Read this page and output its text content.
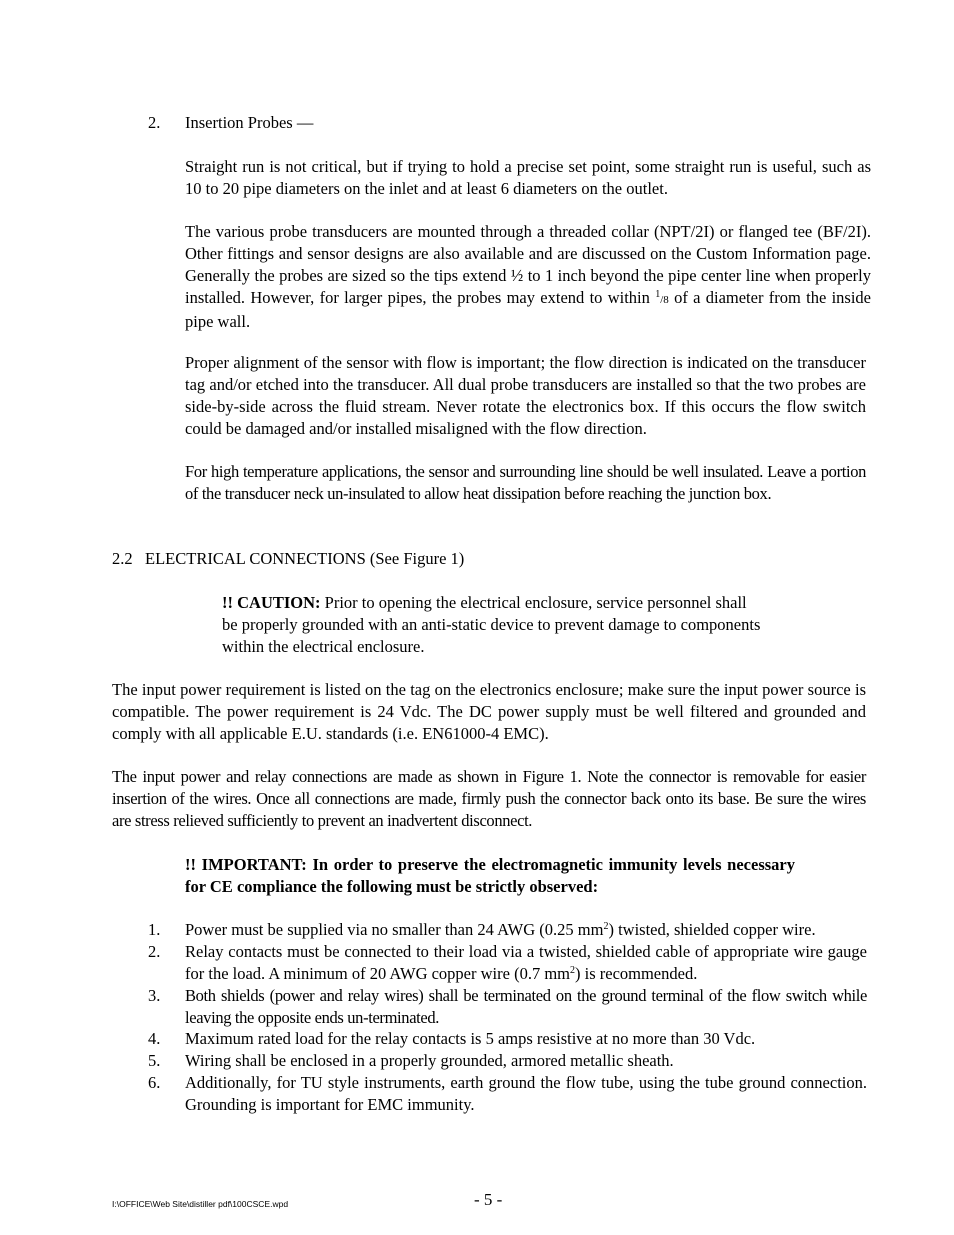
2. Insertion Probes —

Straight run is not critical, but if trying to hold a precise set point, some straight run is useful, such as 10 to 20 pipe diameters on the inlet and at least 6 diameters on the outlet.

The various probe transducers are mounted through a threaded collar (NPT/2I) or flanged tee (BF/2I). Other fittings and sensor designs are also available and are discussed on the Custom Information page. Generally the probes are sized so the tips extend ½ to 1 inch beyond the pipe center line when properly installed. However, for larger pipes, the probes may extend to within $^1$/8 of a diameter from the inside pipe wall.

Proper alignment of the sensor with flow is important; the flow direction is indicated on the transducer tag and/or etched into the transducer. All dual probe transducers are installed so that the two probes are side-by-side across the fluid stream. Never rotate the electronics box. If this occurs the flow switch could be damaged and/or installed misaligned with the flow direction.

For high temperature applications, the sensor and surrounding line should be well insulated. Leave a portion of the transducer neck un-insulated to allow heat dissipation before reaching the junction box.

2.2   ELECTRICAL CONNECTIONS (See Figure 1)

!! CAUTION: Prior to opening the electrical enclosure, service personnel shall be properly grounded with an anti-static device to prevent damage to components within the electrical enclosure.

The input power requirement is listed on the tag on the electronics enclosure; make sure the input power source is compatible. The power requirement is 24 Vdc. The DC power supply must be well filtered and grounded and comply with all applicable E.U. standards (i.e. EN61000-4 EMC).

The input power and relay connections are made as shown in Figure 1. Note the connector is removable for easier insertion of the wires. Once all connections are made, firmly push the connector back onto its base. Be sure the wires are stress relieved sufficiently to prevent an inadvertent disconnect.

!! IMPORTANT: In order to preserve the electromagnetic immunity levels necessary for CE compliance the following must be strictly observed:

1.	Power must be supplied via no smaller than 24 AWG (0.25 $mm^2$) twisted, shielded copper wire.
2.	Relay contacts must be connected to their load via a twisted, shielded cable of appropriate wire gauge for the load. A minimum of 20 AWG copper wire (0.7 $mm^2$) is recommended.
3.	Both shields (power and relay wires) shall be terminated on the ground terminal of the flow switch while leaving the opposite ends un-terminated.
4.	Maximum rated load for the relay contacts is 5 amps resistive at no more than 30 Vdc.
5.	Wiring shall be enclosed in a properly grounded, armored metallic sheath.
6.	Additionally, for TU style instruments, earth ground the flow tube, using the tube ground connection. Grounding is important for EMC immunity.
I:\OFFICE\Web Site\distiller pdf\100CSCE.wpd	- 5 -
